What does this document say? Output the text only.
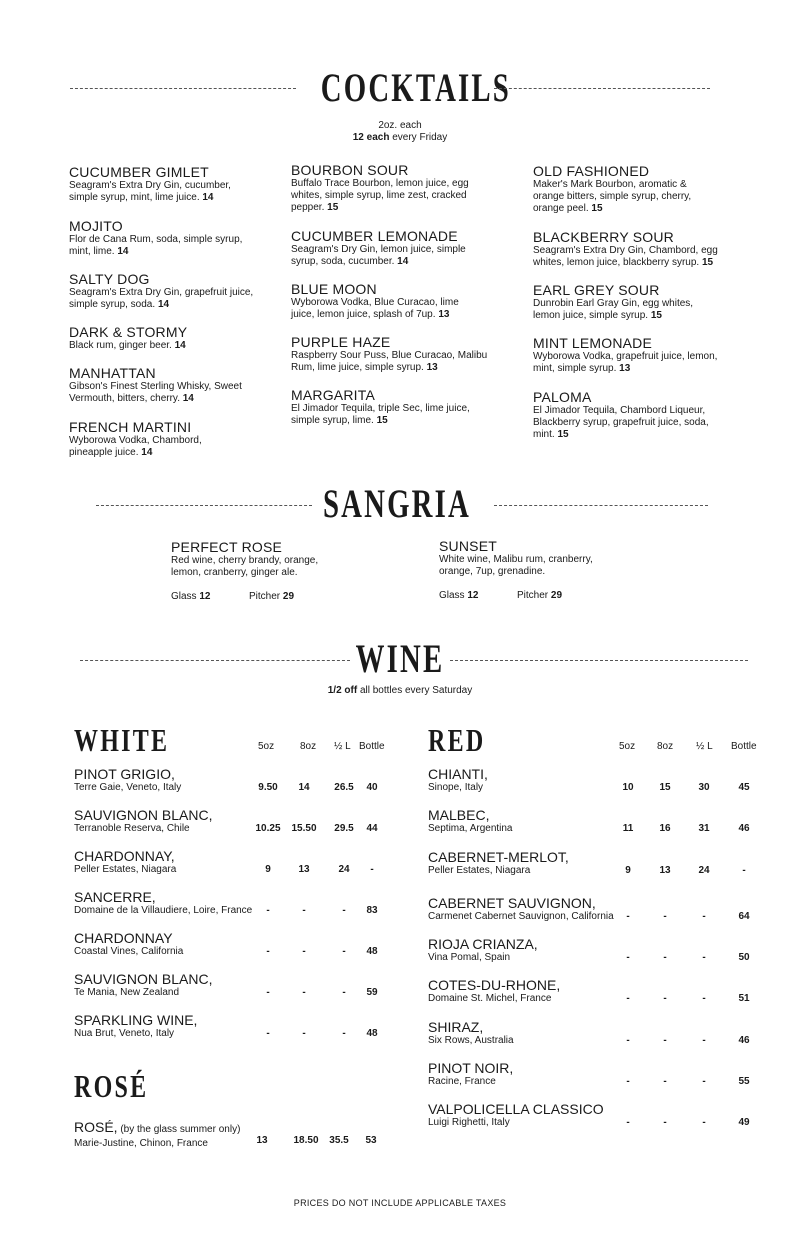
COCKTAILS
2oz. each
12 each every Friday
CUCUMBER GIMLET
Seagram's Extra Dry Gin, cucumber,
simple syrup, mint, lime juice. 14
MOJITO
Flor de Cana Rum, soda, simple syrup,
mint, lime. 14
SALTY DOG
Seagram's Extra Dry Gin, grapefruit juice,
simple syrup, soda. 14
DARK & STORMY
Black rum, ginger beer. 14
MANHATTAN
Gibson's Finest Sterling Whisky, Sweet
Vermouth, bitters, cherry. 14
FRENCH MARTINI
Wyborowa Vodka, Chambord,
pineapple juice. 14
BOURBON SOUR
Buffalo Trace Bourbon, lemon juice, egg
whites, simple syrup, lime zest, cracked
pepper. 15
CUCUMBER LEMONADE
Seagram's Dry Gin, lemon juice, simple
syrup, soda, cucumber. 14
BLUE MOON
Wyborowa Vodka, Blue Curacao, lime
juice, lemon juice, splash of 7up. 13
PURPLE HAZE
Raspberry Sour Puss, Blue Curacao, Malibu
Rum, lime juice, simple syrup. 13
MARGARITA
El Jimador Tequila, triple Sec, lime juice,
simple syrup, lime. 15
OLD FASHIONED
Maker's Mark Bourbon, aromatic &
orange bitters, simple syrup, cherry,
orange peel. 15
BLACKBERRY SOUR
Seagram's Extra Dry Gin, Chambord, egg
whites, lemon juice, blackberry syrup. 15
EARL GREY SOUR
Dunrobin Earl Gray Gin, egg whites,
lemon juice, simple syrup. 15
MINT LEMONADE
Wyborowa Vodka, grapefruit juice, lemon,
mint, simple syrup. 13
PALOMA
El Jimador Tequila, Chambord Liqueur,
Blackberry syrup, grapefruit juice, soda,
mint. 15
SANGRIA
PERFECT ROSE
Red wine, cherry brandy, orange,
lemon, cranberry, ginger ale.
Glass 12	Pitcher 29
SUNSET
White wine, Malibu rum, cranberry,
orange, 7up, grenadine.
Glass 12	Pitcher 29
WINE
1/2 off all bottles every Saturday
WHITE	5oz	8oz ½ L Bottle
PINOT GRIGIO,
Terre Gaie, Veneto, Italy	9.50	14	26.5	40
SAUVIGNON BLANC,
Terranoble Reserva, Chile	10.25	15.50	29.5	44
CHARDONNAY,
Peller Estates, Niagara	9	13	24	-
SANCERRE,
Domaine de la Villaudiere, Loire, France	-	-	-	83
CHARDONNAY
Coastal Vines, California	-	-	-	48
SAUVIGNON BLANC,
Te Mania, New Zealand	-	-	-	59
SPARKLING WINE,
Nua Brut, Veneto, Italy	-	-	-	48
ROSÉ
ROSÉ, (by the glass summer only)
Marie-Justine, Chinon, France	13	18.50	35.5	53
RED	5oz 8oz ½ L Bottle
CHIANTI,
Sinope, Italy	10	15	30	45
MALBEC,
Septima, Argentina	11	16	31	46
CABERNET-MERLOT,
Peller Estates, Niagara	9	13	24	-
CABERNET SAUVIGNON,
Carmenet Cabernet Sauvignon, California	-	-	-	64
RIOJA CRIANZA,
Vina Pomal, Spain	-	-	-	50
COTES-DU-RHONE,
Domaine St. Michel, France	-	-	-	51
SHIRAZ,
Six Rows, Australia	-	-	-	46
PINOT NOIR,
Racine, France	-	-	-	55
VALPOLICELLA CLASSICO
Luigi Righetti, Italy	-	-	-	49
PRICES DO NOT INCLUDE APPLICABLE TAXES
